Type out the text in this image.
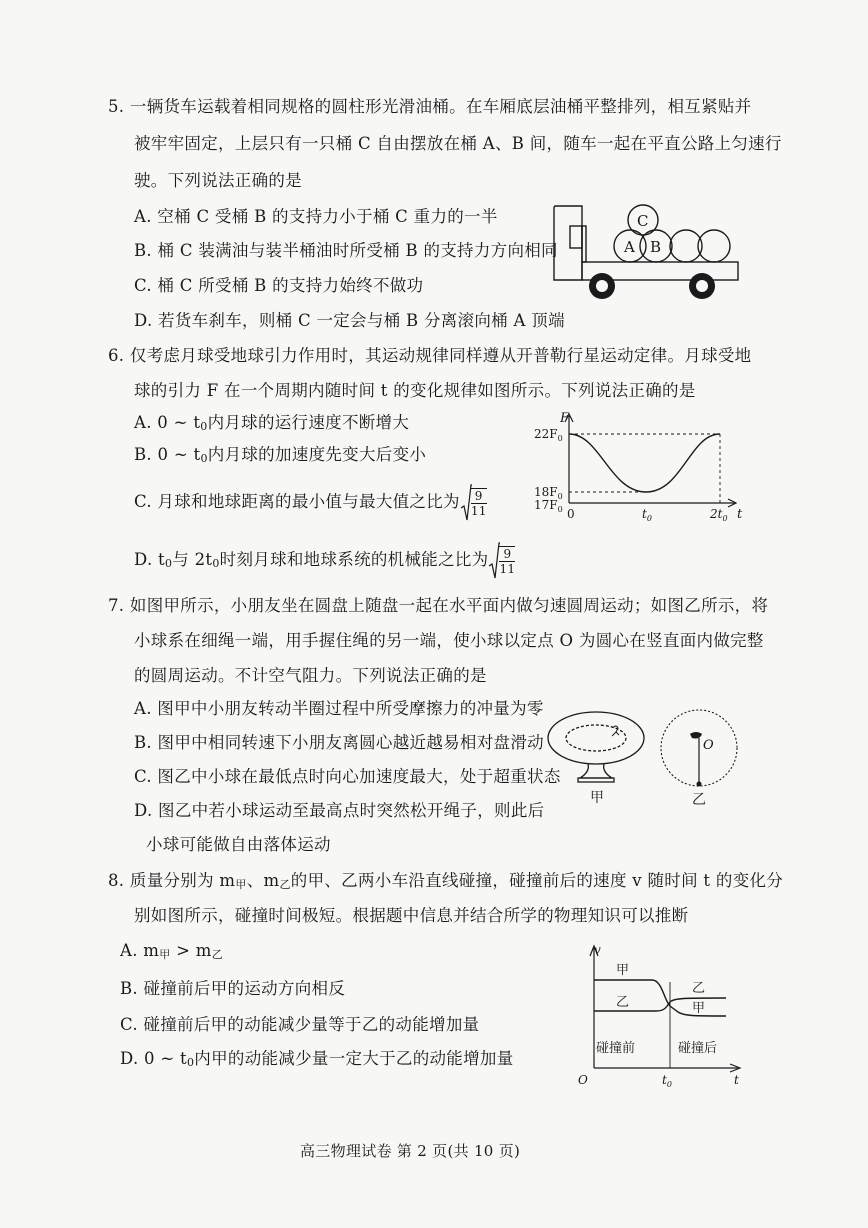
5. 一辆货车运载着相同规格的圆柱形光滑油桶。在车厢底层油桶平整排列，相互紧贴并
被牢牢固定，上层只有一只桶 C 自由摆放在桶 A、B 间，随车一起在平直公路上匀速行
驶。下列说法正确的是
A. 空桶 C 受桶 B 的支持力小于桶 C 重力的一半
B. 桶 C 装满油与装半桶油时所受桶 B 的支持力方向相同
C. 桶 C 所受桶 B 的支持力始终不做功
D. 若货车刹车，则桶 C 一定会与桶 B 分离滚向桶 A 顶端
A B
C
6. 仅考虑月球受地球引力作用时，其运动规律同样遵从开普勒行星运动定律。月球受地
球的引力 F 在一个周期内随时间 t 的变化规律如图所示。下列说法正确的是
A. 0 ~ t0内月球的运行速度不断增大
B. 0 ~ t0内月球的加速度先变大后变小
C. 月球和地球距离的最小值与最大值之比为 $\frac{9}{11}$
D. t0与 2t0时刻月球和地球系统的机械能之比为 $\frac{9}{11}$
F
t
$22F_0$
$18F_0$
$17F_0$ 0	$t_0$	$2t_0$
7. 如图甲所示，小朋友坐在圆盘上随盘一起在水平面内做匀速圆周运动；如图乙所示，将
小球系在细绳一端，用手握住绳的另一端，使小球以定点 O 为圆心在竖直面内做完整
的圆周运动。不计空气阻力。下列说法正确的是
A. 图甲中小朋友转动半圈过程中所受摩擦力的冲量为零
B. 图甲中相同转速下小朋友离圆心越近越易相对盘滑动
C. 图乙中小球在最低点时向心加速度最大，处于超重状态
D. 图乙中若小球运动至最高点时突然松开绳子，则此后
小球可能做自由落体运动
甲
O
乙
8. 质量分别为 m甲、m乙的甲、乙两小车沿直线碰撞，碰撞前后的速度 v 随时间 t 的变化分
别如图所示，碰撞时间极短。根据题中信息并结合所学的物理知识可以推断
A. m甲 > m乙
B. 碰撞前后甲的运动方向相反
C. 碰撞前后甲的动能减少量等于乙的动能增加量
D. 0 ~ t0内甲的动能减少量一定大于乙的动能增加量
v
t
O	$t_0$
甲
乙
乙
甲
碰撞前	碰撞后
高三物理试卷 第 2 页(共 10 页)
